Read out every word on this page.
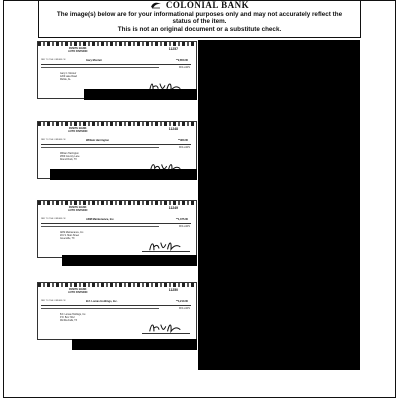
COLONIAL BANK
The image(s) below are for your informational purposes only and may not accurately reflect the status of the item.
This is not an original document or a substitute check.
ZENITH BANK
AUTO DIVISION
11257
PAY TO THE ORDER OF	Gary Monteir	**2,850.00
DOLLARS
Gary C. Monteir
1200 Lake Road
Mobile, AL
ZENITH BANK
AUTO DIVISION
11248
PAY TO THE ORDER OF	William Harrington	**960.00
DOLLARS
William Harrington
2650 Country Lane
Round Rock, TX
ZENITH BANK
AUTO DIVISION
11249
PAY TO THE ORDER OF	ADM Maintenance, Inc.	**1,375.00
DOLLARS
ADM Maintenance, Inc.
201 S. Main Street
Greenville, TX
ZENITH BANK
AUTO DIVISION
11250
PAY TO THE ORDER OF	B.F. Lomas Holdings, Inc.	**4,210.00
DOLLARS
B.F. Lomas Holdings, Inc.
P.O. Box 7412
Wichita Falls, TX
